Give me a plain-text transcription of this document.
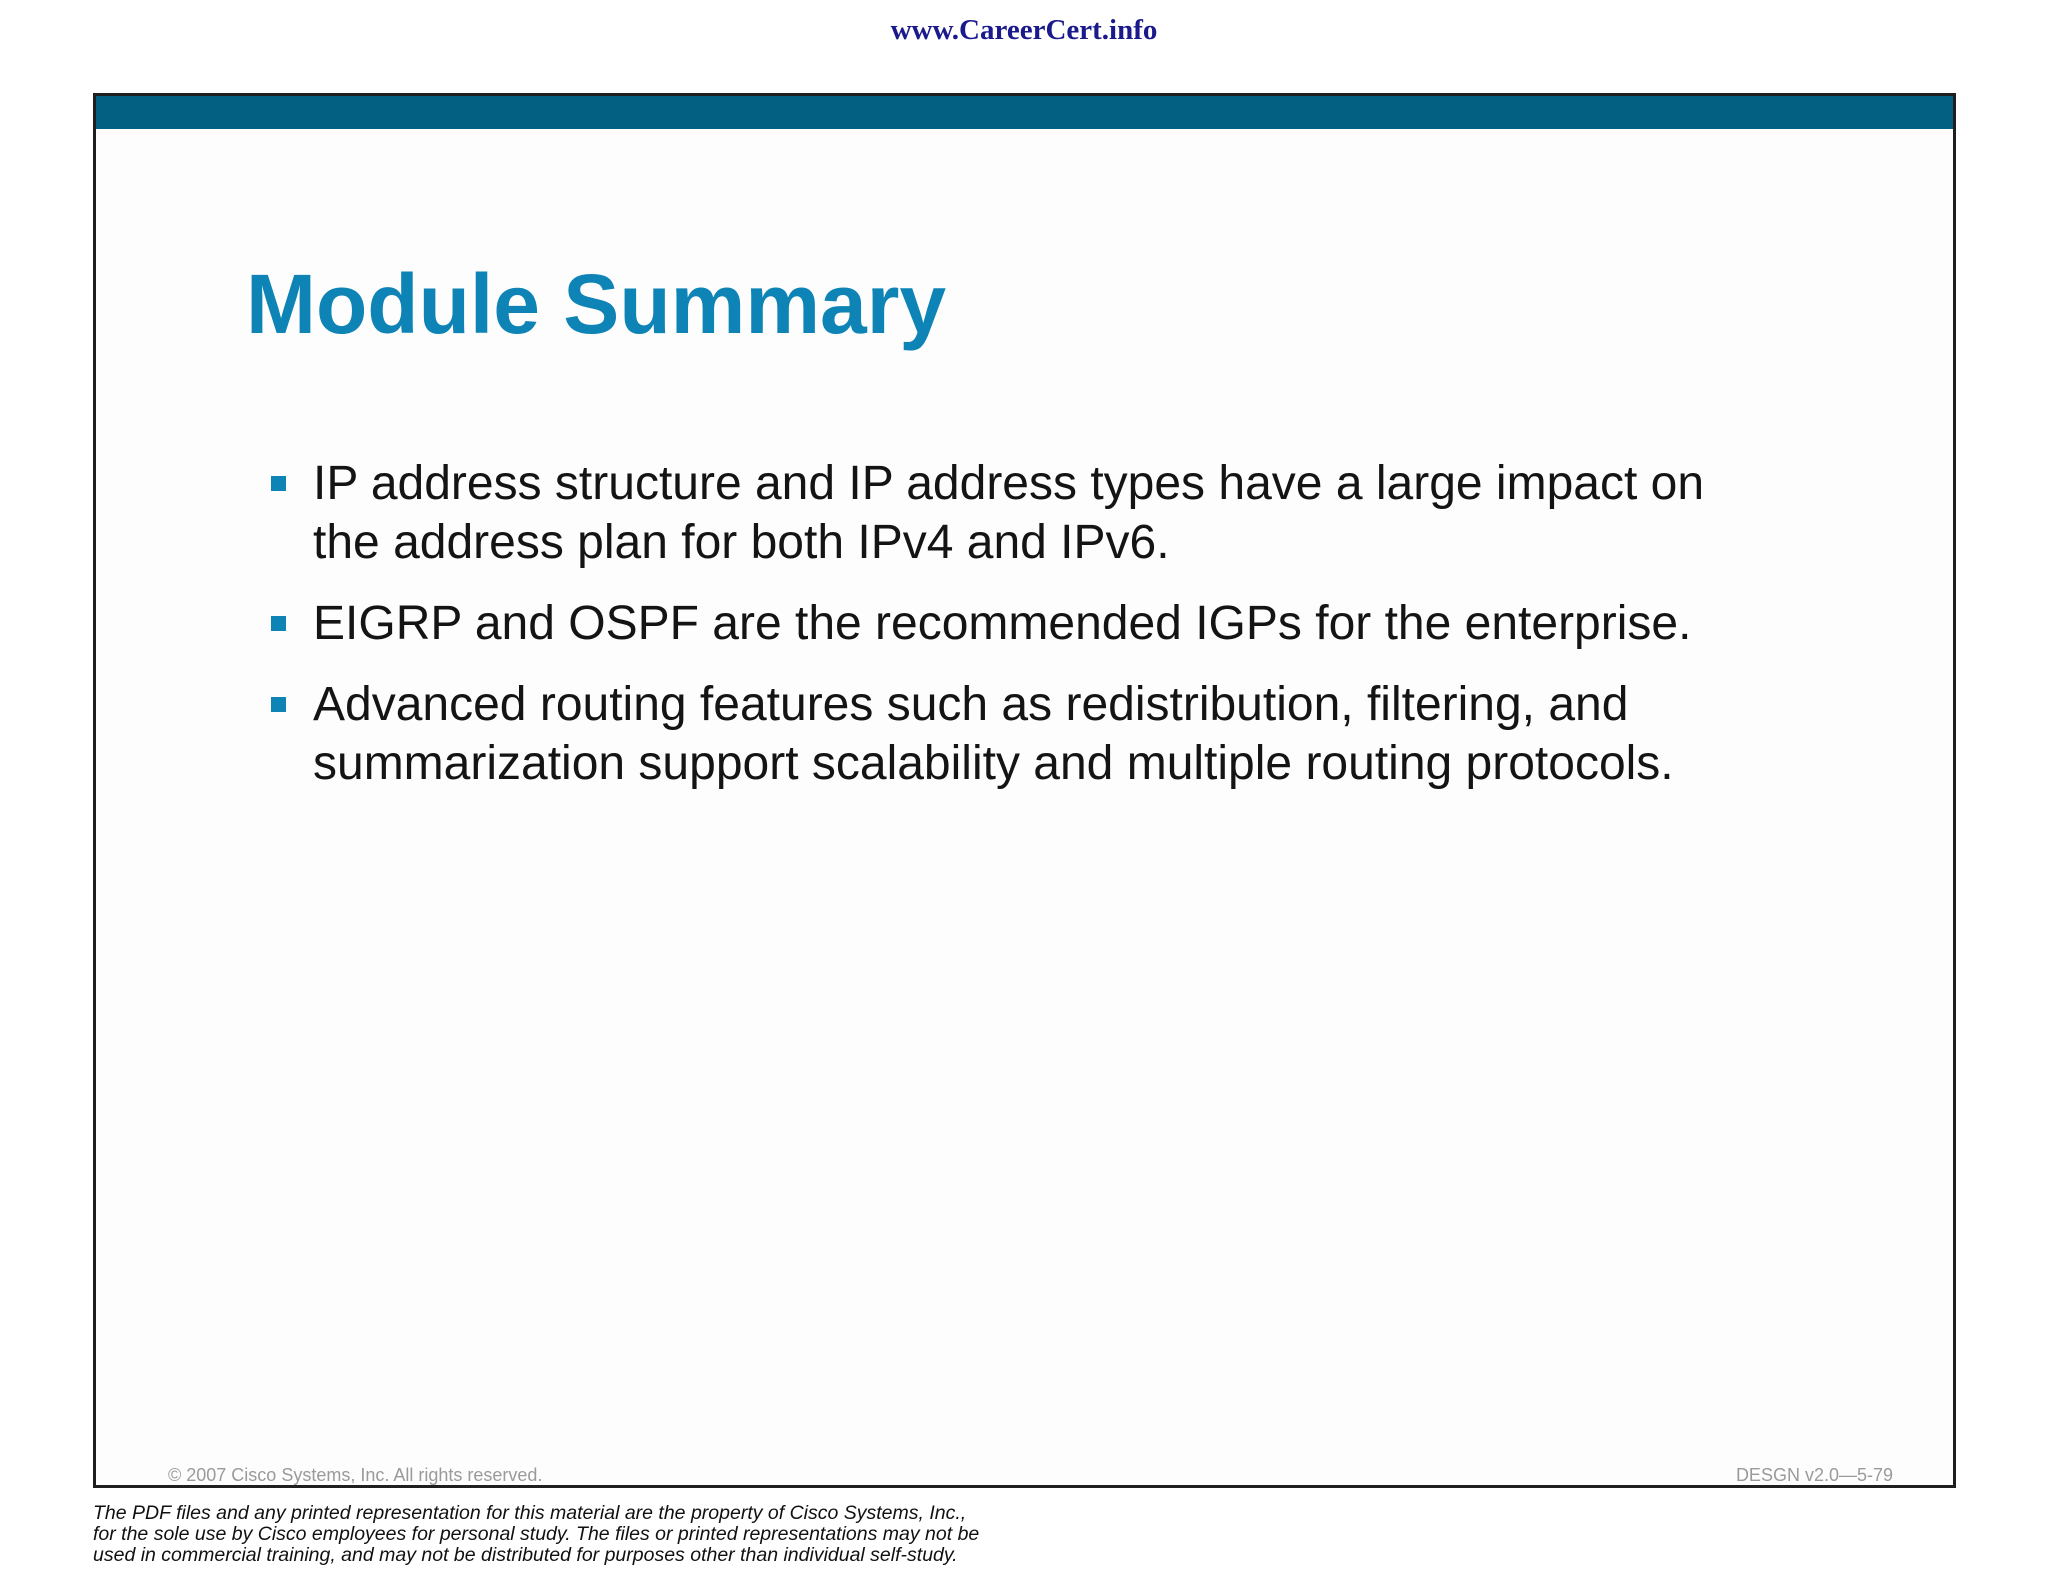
www.CareerCert.info
Module Summary
IP address structure and IP address types have a large impact on
the address plan for both IPv4 and IPv6.
EIGRP and OSPF are the recommended IGPs for the enterprise.
Advanced routing features such as redistribution, filtering, and
summarization support scalability and multiple routing protocols.
© 2007 Cisco Systems, Inc. All rights reserved.	DESGN v2.0—5-79
The PDF files and any printed representation for this material are the property of Cisco Systems, Inc.,
for the sole use by Cisco employees for personal study. The files or printed representations may not be
used in commercial training, and may not be distributed for purposes other than individual self-study.
